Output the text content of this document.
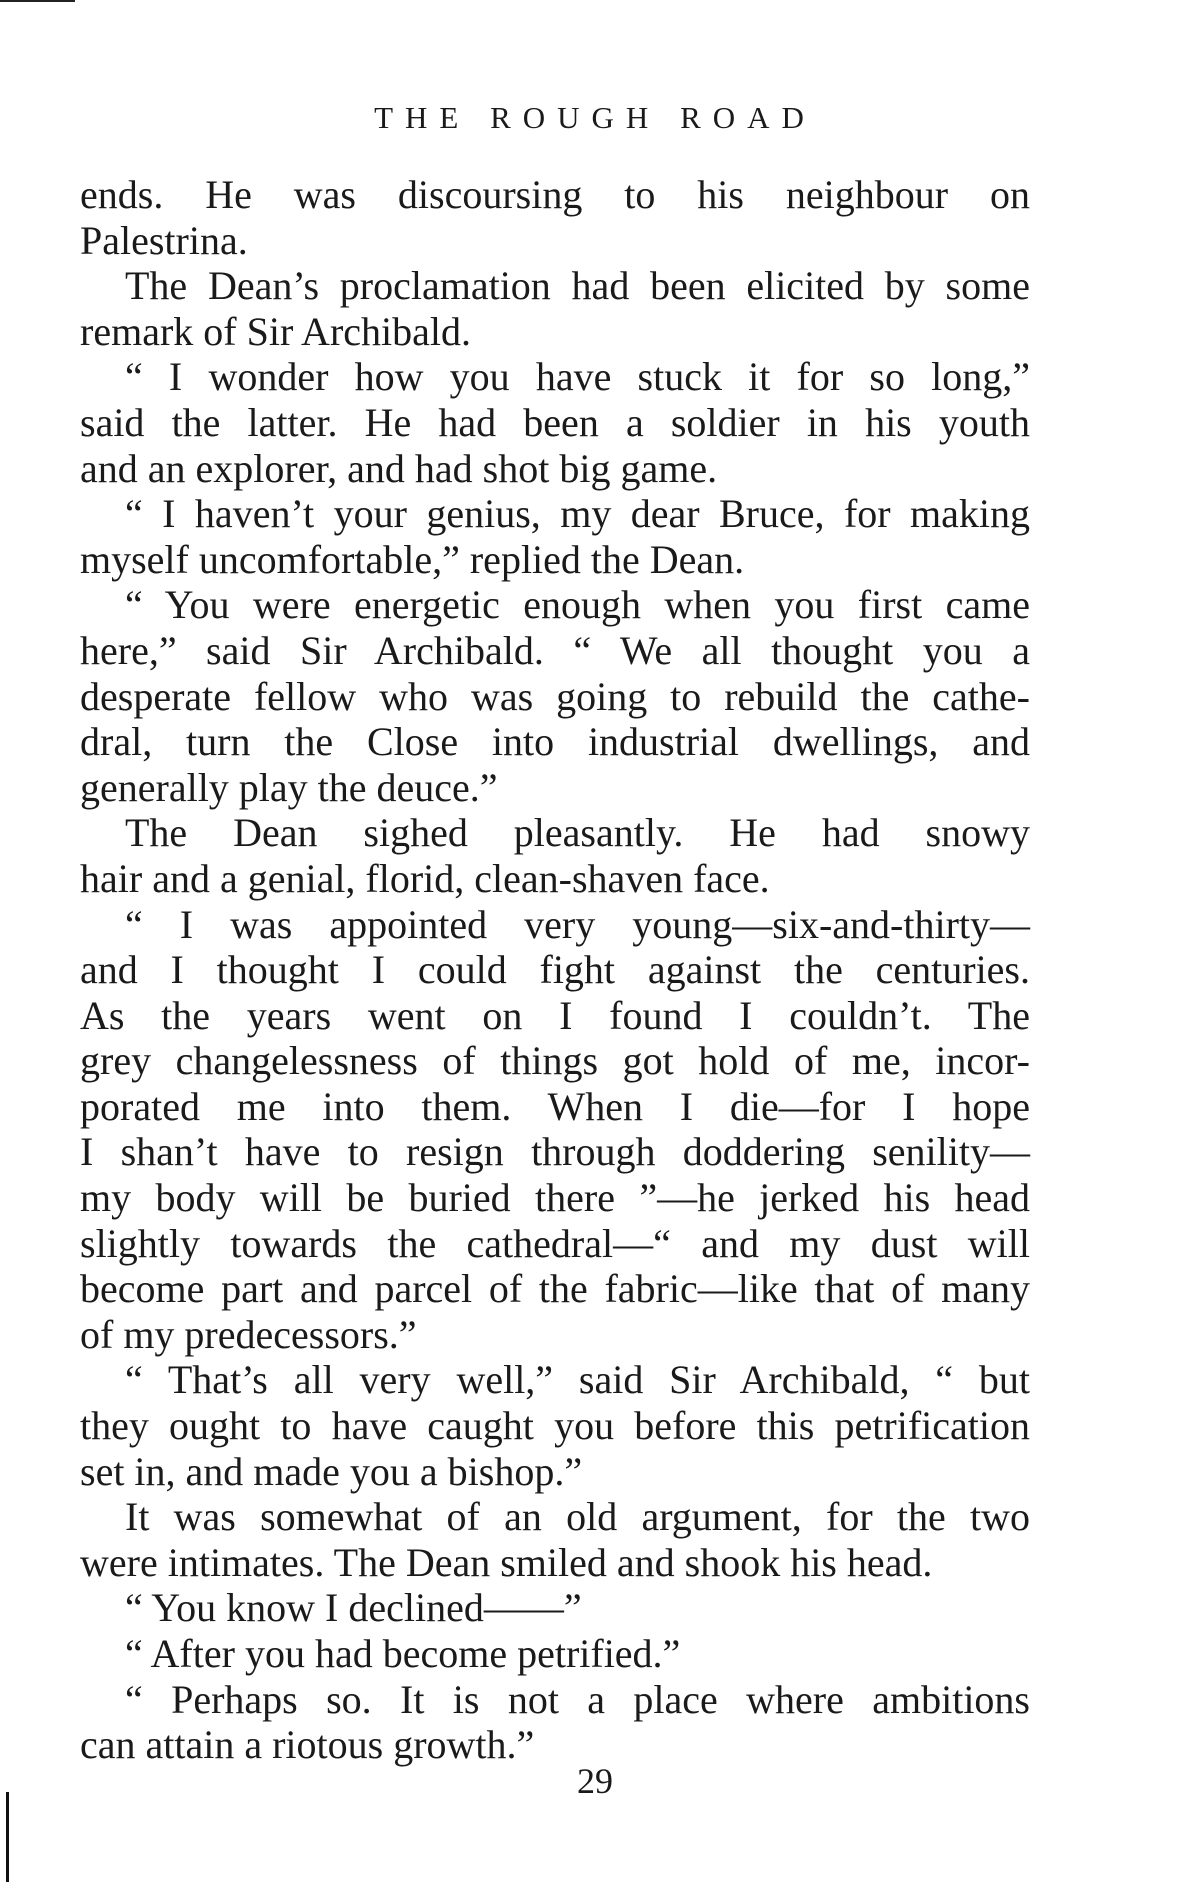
THE ROUGH ROAD
ends. He was discoursing to his neighbour on
Palestrina.
The Dean’s proclamation had been elicited by some
remark of Sir Archibald.
“ I wonder how you have stuck it for so long,”
said the latter. He had been a soldier in his youth
and an explorer, and had shot big game.
“ I haven’t your genius, my dear Bruce, for making
myself uncomfortable,” replied the Dean.
“ You were energetic enough when you first came
here,” said Sir Archibald. “ We all thought you a
desperate fellow who was going to rebuild the cathe-
dral, turn the Close into industrial dwellings, and
generally play the deuce.”
The Dean sighed pleasantly. He had snowy
hair and a genial, florid, clean-shaven face.
“ I was appointed very young—six-and-thirty—
and I thought I could fight against the centuries.
As the years went on I found I couldn’t. The
grey changelessness of things got hold of me, incor-
porated me into them. When I die—for I hope
I shan’t have to resign through doddering senility—
my body will be buried there ”—he jerked his head
slightly towards the cathedral—“ and my dust will
become part and parcel of the fabric—like that of many
of my predecessors.”
“ That’s all very well,” said Sir Archibald, “ but
they ought to have caught you before this petrification
set in, and made you a bishop.”
It was somewhat of an old argument, for the two
were intimates. The Dean smiled and shook his head.
“ You know I declined——”
“ After you had become petrified.”
“ Perhaps so. It is not a place where ambitions
can attain a riotous growth.”
29
